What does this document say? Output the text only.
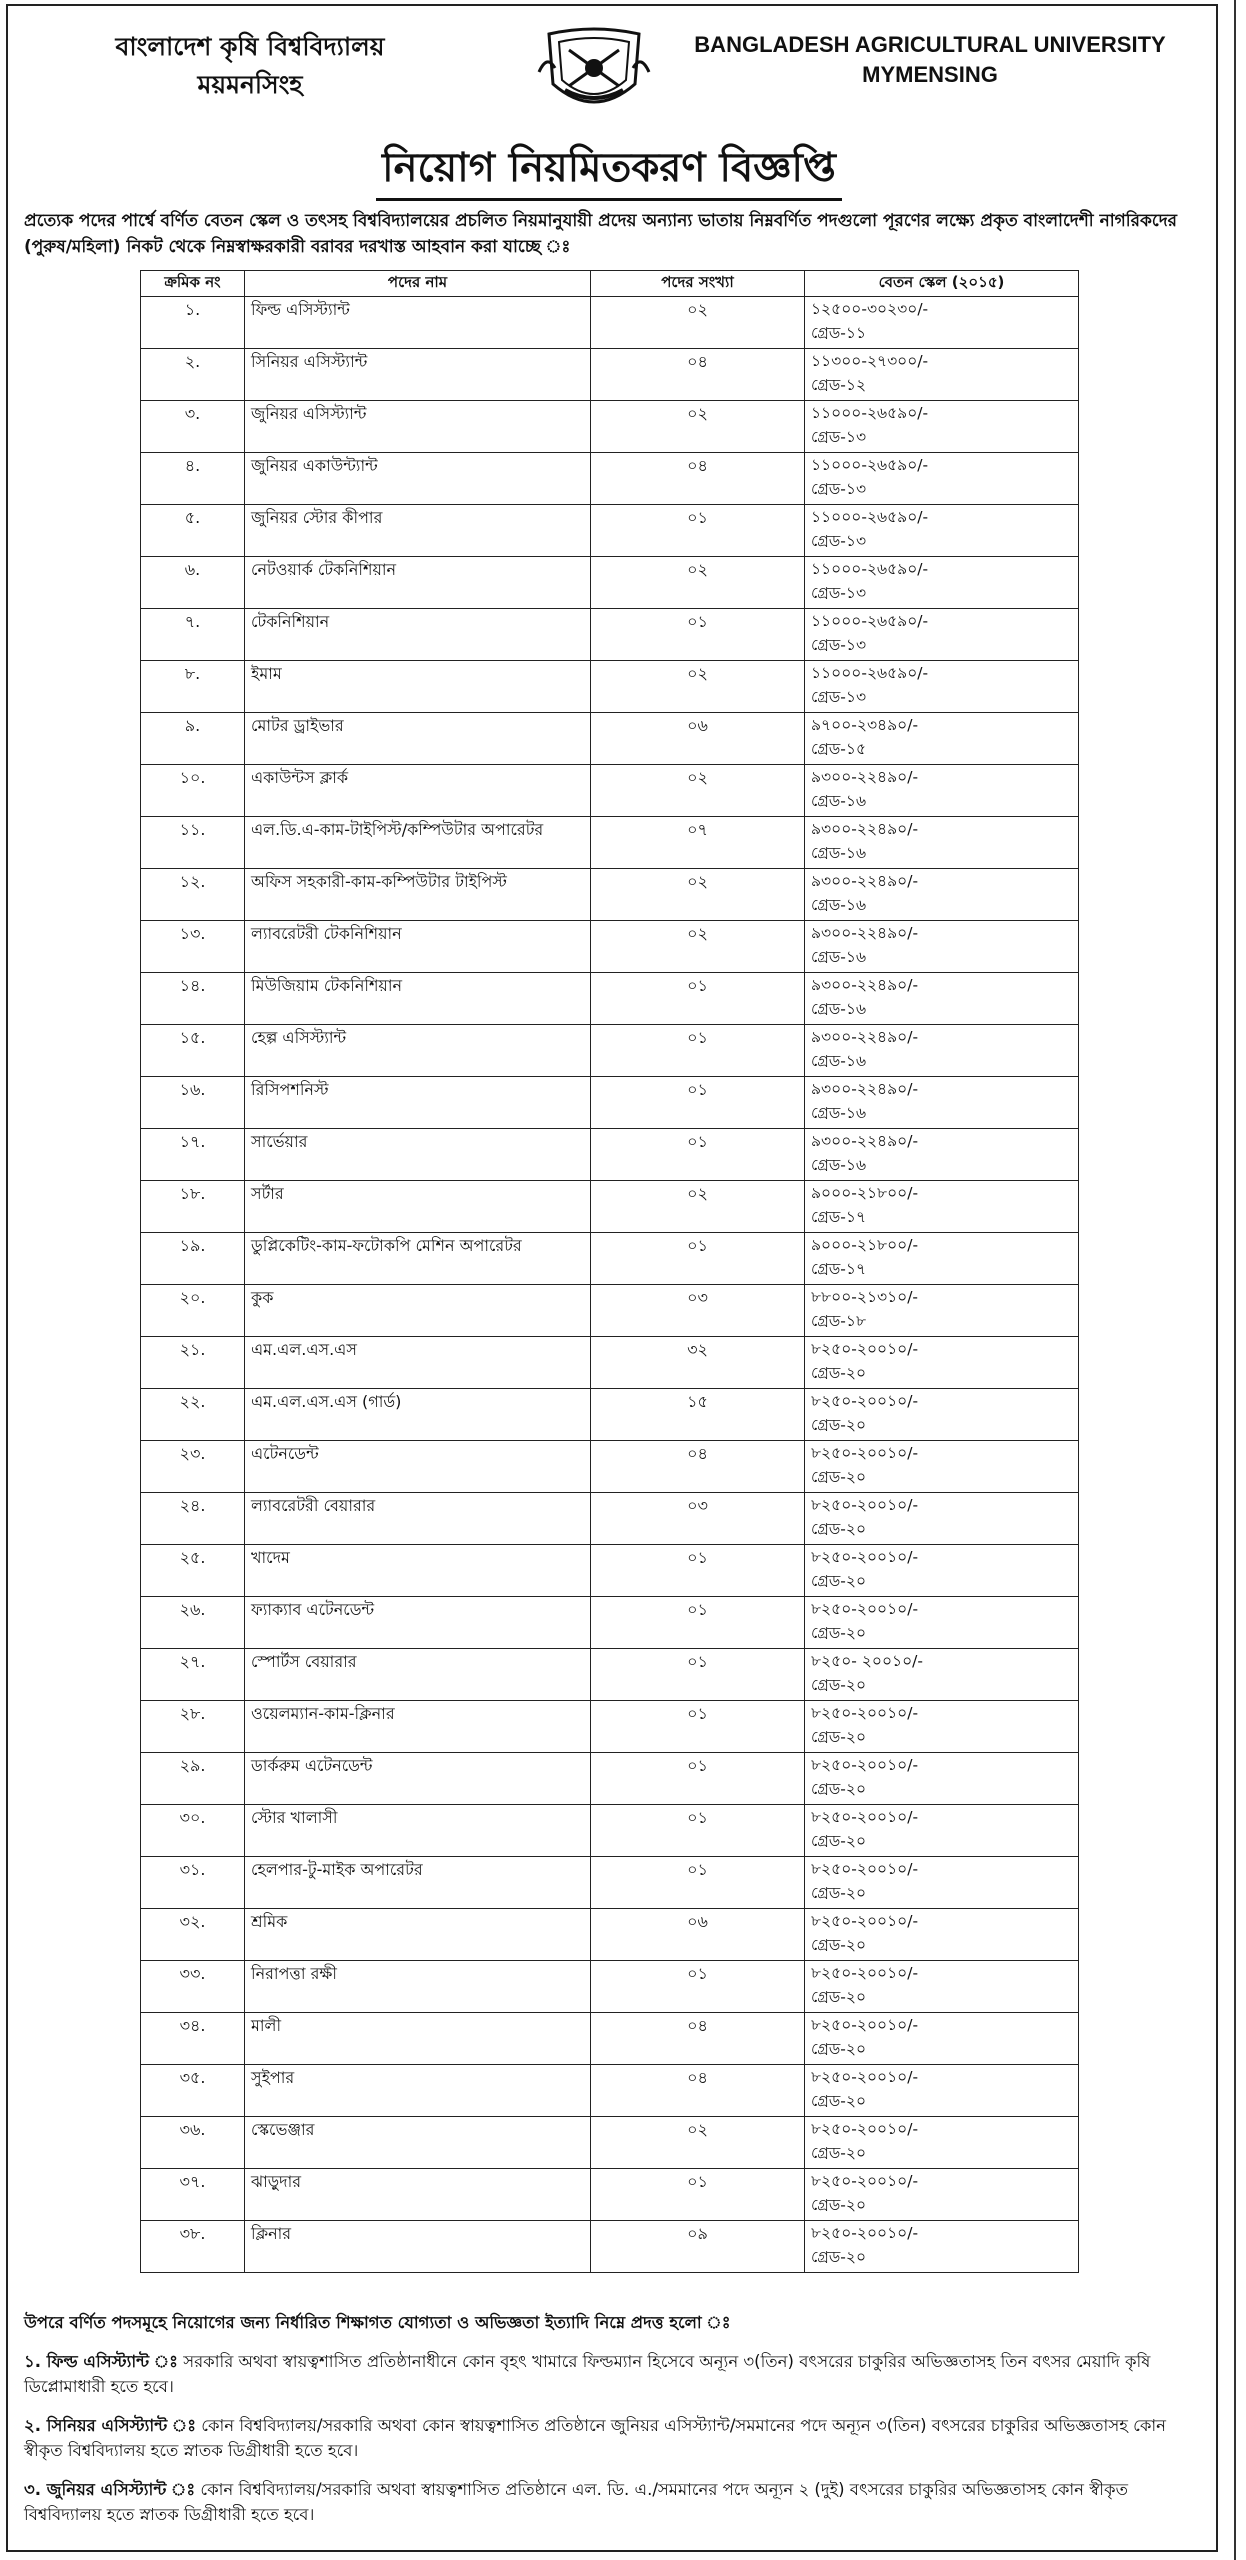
বাংলাদেশ কৃষি বিশ্ববিদ্যালয়
ময়মনসিংহ
BANGLADESH AGRICULTURAL UNIVERSITY
MYMENSING
নিয়োগ নিয়মিতকরণ বিজ্ঞপ্তি
প্রত্যেক পদের পার্শ্বে বর্ণিত বেতন স্কেল ও তৎসহ বিশ্ববিদ্যালয়ের প্রচলিত নিয়মানুযায়ী প্রদেয় অন্যান্য ভাতায় নিম্নবর্ণিত পদগুলো পূরণের লক্ষ্যে প্রকৃত বাংলাদেশী নাগরিকদের (পুরুষ/মহিলা) নিকট থেকে নিম্নস্বাক্ষরকারী বরাবর দরখাস্ত আহবান করা যাচ্ছে ঃ
ক্রমিক নং	পদের নাম	পদের সংখ্যা	বেতন স্কেল (২০১৫)
১.	ফিল্ড এসিস্ট্যান্ট	০২	১২৫০০-৩০২৩০/-
গ্রেড-১১

২.	সিনিয়র এসিস্ট্যান্ট	০৪	১১৩০০-২৭৩০০/-
গ্রেড-১২

৩.	জুনিয়র এসিস্ট্যান্ট	০২	১১০০০-২৬৫৯০/-
গ্রেড-১৩

৪.	জুনিয়র একাউন্ট্যান্ট	০৪	১১০০০-২৬৫৯০/-
গ্রেড-১৩

৫.	জুনিয়র স্টোর কীপার	০১	১১০০০-২৬৫৯০/-
গ্রেড-১৩

৬.	নেটওয়ার্ক টেকনিশিয়ান	০২	১১০০০-২৬৫৯০/-
গ্রেড-১৩

৭.	টেকনিশিয়ান	০১	১১০০০-২৬৫৯০/-
গ্রেড-১৩

৮.	ইমাম	০২	১১০০০-২৬৫৯০/-
গ্রেড-১৩

৯.	মোটর ড্রাইভার	০৬	৯৭০০-২৩৪৯০/-
গ্রেড-১৫

১০.	একাউন্টস ক্লার্ক	০২	৯৩০০-২২৪৯০/-
গ্রেড-১৬

১১.	এল.ডি.এ-কাম-টাইপিস্ট/কম্পিউটার অপারেটর	০৭	৯৩০০-২২৪৯০/-
গ্রেড-১৬

১২.	অফিস সহকারী-কাম-কম্পিউটার টাইপিস্ট	০২	৯৩০০-২২৪৯০/-
গ্রেড-১৬

১৩.	ল্যাবরেটরী টেকনিশিয়ান	০২	৯৩০০-২২৪৯০/-
গ্রেড-১৬

১৪.	মিউজিয়াম টেকনিশিয়ান	০১	৯৩০০-২২৪৯০/-
গ্রেড-১৬

১৫.	হেল্প এসিস্ট্যান্ট	০১	৯৩০০-২২৪৯০/-
গ্রেড-১৬

১৬.	রিসিপশনিস্ট	০১	৯৩০০-২২৪৯০/-
গ্রেড-১৬

১৭.	সার্ভেয়ার	০১	৯৩০০-২২৪৯০/-
গ্রেড-১৬

১৮.	সর্টার	০২	৯০০০-২১৮০০/-
গ্রেড-১৭

১৯.	ডুপ্লিকেটিং-কাম-ফটোকপি মেশিন অপারেটর	০১	৯০০০-২১৮০০/-
গ্রেড-১৭

২০.	কুক	০৩	৮৮০০-২১৩১০/-
গ্রেড-১৮

২১.	এম.এল.এস.এস	৩২	৮২৫০-২০০১০/-
গ্রেড-২০

২২.	এম.এল.এস.এস (গার্ড)	১৫	৮২৫০-২০০১০/-
গ্রেড-২০

২৩.	এটেনডেন্ট	০৪	৮২৫০-২০০১০/-
গ্রেড-২০

২৪.	ল্যাবরেটরী বেয়ারার	০৩	৮২৫০-২০০১০/-
গ্রেড-২০

২৫.	খাদেম	০১	৮২৫০-২০০১০/-
গ্রেড-২০

২৬.	ফ্যাক্যাব এটেনডেন্ট	০১	৮২৫০-২০০১০/-
গ্রেড-২০

২৭.	স্পোর্টস বেয়ারার	০১	৮২৫০- ২০০১০/-
গ্রেড-২০

২৮.	ওয়েলম্যান-কাম-ক্লিনার	০১	৮২৫০-২০০১০/-
গ্রেড-২০

২৯.	ডার্করুম এটেনডেন্ট	০১	৮২৫০-২০০১০/-
গ্রেড-২০

৩০.	স্টোর খালাসী	০১	৮২৫০-২০০১০/-
গ্রেড-২০

৩১.	হেলপার-টু-মাইক অপারেটর	০১	৮২৫০-২০০১০/-
গ্রেড-২০

৩২.	শ্রমিক	০৬	৮২৫০-২০০১০/-
গ্রেড-২০

৩৩.	নিরাপত্তা রক্ষী	০১	৮২৫০-২০০১০/-
গ্রেড-২০

৩৪.	মালী	০৪	৮২৫০-২০০১০/-
গ্রেড-২০

৩৫.	সুইপার	০৪	৮২৫০-২০০১০/-
গ্রেড-২০

৩৬.	স্কেভেঞ্জার	০২	৮২৫০-২০০১০/-
গ্রেড-২০

৩৭.	ঝাড়ুদার	০১	৮২৫০-২০০১০/-
গ্রেড-২০

৩৮.	ক্লিনার	০৯	৮২৫০-২০০১০/-
গ্রেড-২০

উপরে বর্ণিত পদসমূহে নিয়োগের জন্য নির্ধারিত শিক্ষাগত যোগ্যতা ও অভিজ্ঞতা ইত্যাদি নিম্নে প্রদত্ত হলো ঃ

১. ফিল্ড এসিস্ট্যান্ট ঃ সরকারি অথবা স্বায়ত্বশাসিত প্রতিষ্ঠানাধীনে কোন বৃহৎ খামারে ফিল্ডম্যান হিসেবে অন্যূন ৩(তিন) বৎসরের চাকুরির অভিজ্ঞতাসহ তিন বৎসর মেয়াদি কৃষি ডিপ্লোমাধারী হতে হবে।

২. সিনিয়র এসিস্ট্যান্ট ঃ কোন বিশ্ববিদ্যালয়/সরকারি অথবা কোন স্বায়ত্বশাসিত প্রতিষ্ঠানে জুনিয়র এসিস্ট্যান্ট/সমমানের পদে অন্যূন ৩(তিন) বৎসরের চাকুরির অভিজ্ঞতাসহ কোন স্বীকৃত বিশ্ববিদ্যালয় হতে স্নাতক ডিগ্রীধারী হতে হবে।

৩. জুনিয়র এসিস্ট্যান্ট ঃ কোন বিশ্ববিদ্যালয়/সরকারি অথবা স্বায়ত্বশাসিত প্রতিষ্ঠানে এল. ডি. এ./সমমানের পদে অন্যূন ২ (দুই) বৎসরের চাকুরির অভিজ্ঞতাসহ কোন স্বীকৃত বিশ্ববিদ্যালয় হতে স্নাতক ডিগ্রীধারী হতে হবে।
